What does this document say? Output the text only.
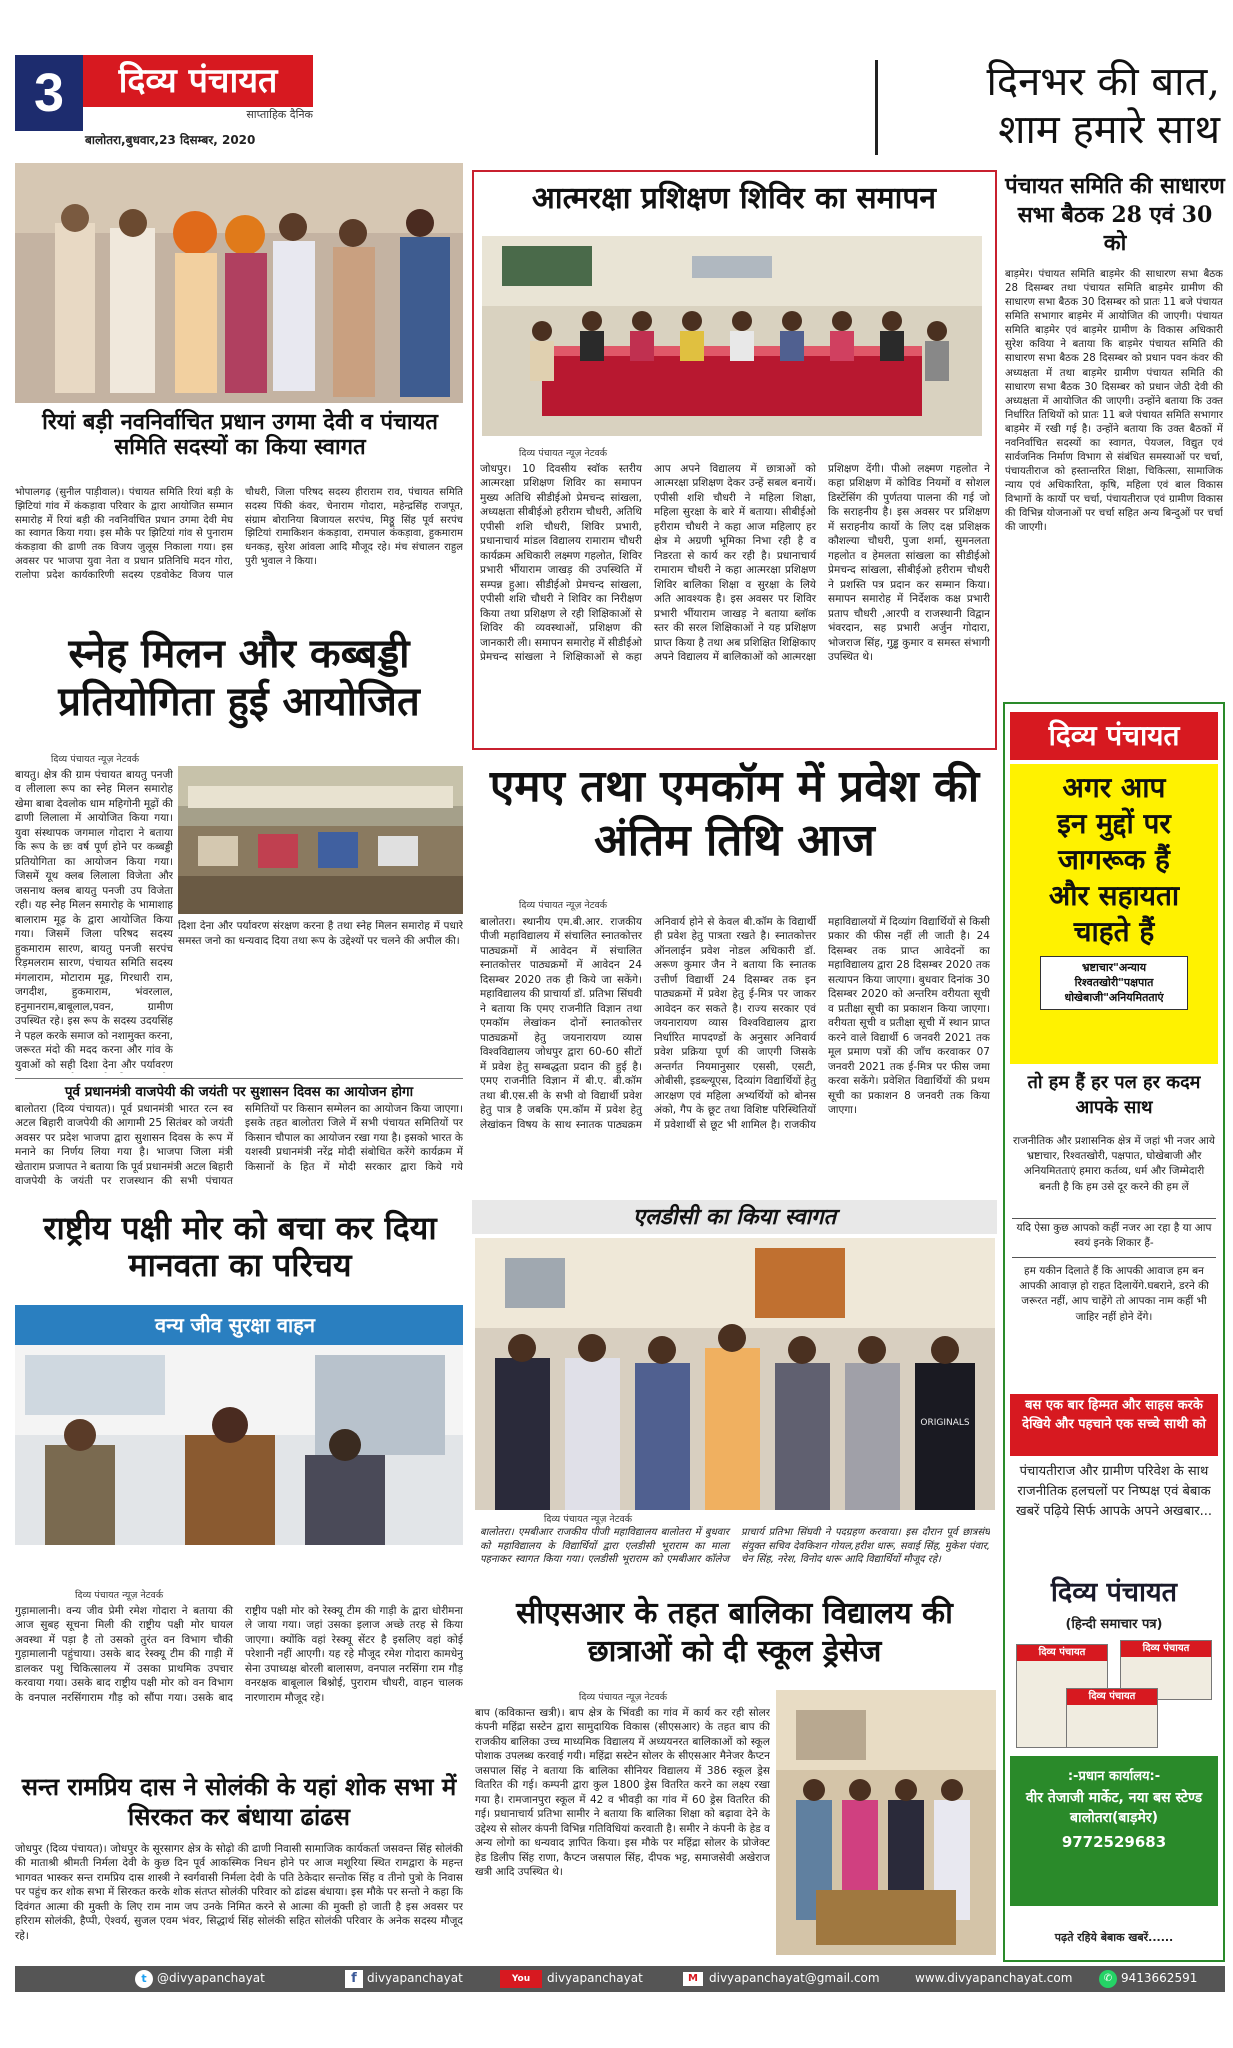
3	दिव्य पंचायत
साप्ताहिक दैनिक
बालोतरा,बुधवार,23 दिसम्बर, 2020
दिनभर की बात,
शाम हमारे साथ
रियां बड़ी नवनिर्वाचित प्रधान उगमा देवी व पंचायत समिति सदस्यों का किया स्वागत
भोपालगढ़ (सुनील पाड़ीवाल)। पंचायत समिति रियां बड़ी के झिटियां गांव में कंकड़ावा परिवार के द्वारा आयोजित सम्मान समारोह में रियां बड़ी की नवनिर्वाचित प्रधान उगमा देवी मेघ का स्वागत किया गया। इस मौके पर झिटियां गांव से पुनाराम कंकड़ावा की ढाणी तक विजय जुलूस निकाला गया। इस अवसर पर भाजपा युवा नेता व प्रधान प्रतिनिधि मदन गोरा, रालोपा प्रदेश कार्यकारिणी सदस्य एडवोकेट विजय पाल चौधरी, जिला परिषद सदस्य हीराराम राव, पंचायत समिति सदस्य पिंकी कंवर, चेनाराम गोदारा, महेन्द्रसिंह राजपूत, संग्राम बोरानिया बिजायल सरपंच, मिठ्ठू सिंह पूर्व सरपंच झिटियां रामाकिशन कंकड़ावा, रामपाल कंकड़ावा, हुकमाराम धनकड़, सुरेश आंवला आदि मौजूद रहे। मंच संचालन राहुल पुरी भुवाल ने किया।
स्नेह मिलन और कब्बड्डी प्रतियोगिता हुई आयोजित
दिव्य पंचायत न्यूज़ नेटवर्क
बायतु। क्षेत्र की ग्राम पंचायत बायतु पनजी व लीलाला रूप का स्नेह मिलन समारोह खेमा बाबा देवलोक धाम महिगोनी मूढ़ों की ढाणी लिलाला में आयोजित किया गया। युवा संस्थापक जगमाल गोदारा ने बताया कि रूप के छः वर्ष पूर्ण होने पर कब्बड्डी प्रतियोगिता का आयोजन किया गया। जिसमें यूथ क्लब लिलाला विजेता और जसनाथ क्लब बायतु पनजी उप विजेता रही। यह स्नेह मिलन समारोह के भामाशाह बालाराम मूढ़ के द्वारा आयोजित किया गया। जिसमें जिला परिषद सदस्य हुकमाराम सारण, बायतु पनजी सरपंच रिड़मलराम सारण, पंचायत समिति सदस्य मंगलाराम, मोटाराम मूढ़, गिरधारी राम, जगदीश, हुकमाराम, भंवरलाल, हनुमानराम,बाबूलाल,पवन, ग्रामीण उपस्थित रहे। इस रूप के सदस्य उदयसिंह ने पहल करके समाज को नशामुक्त करना, जरूरत मंदो की मदद करना और गांव के युवाओं को सही दिशा देना और पर्यावरण
दिशा देना और पर्यावरण संरक्षण करना है तथा स्नेह मिलन समारोह में पधारे समस्त जनो का धन्यवाद दिया तथा रूप के उद्देश्यों पर चलने की अपील की।
पूर्व प्रधानमंत्री वाजपेयी की जयंती पर सुशासन दिवस का आयोजन होगा
बालोतरा (दिव्य पंचायत)। पूर्व प्रधानमंत्री भारत रत्न स्व अटल बिहारी वाजपेयी की आगामी 25 सितंबर को जयंती अवसर पर प्रदेश भाजपा द्वारा सुशासन दिवस के रूप में मनाने का निर्णय लिया गया है। भाजपा जिला मंत्री खेताराम प्रजापत ने बताया कि पूर्व प्रधानमंत्री अटल बिहारी वाजपेयी के जयंती पर राजस्थान की सभी पंचायत समितियों पर किसान सम्मेलन का आयोजन किया जाएगा। इसके तहत बालोतरा जिले में सभी पंचायत समितियों पर किसान चौपाल का आयोजन रखा गया है। इसको भारत के यशस्वी प्रधानमंत्री नरेंद्र मोदी संबोधित करेंगे कार्यक्रम में किसानों के हित में मोदी सरकार द्वारा किये गये
राष्ट्रीय पक्षी मोर को बचा कर दिया मानवता का परिचय
वन्य जीव सुरक्षा वाहन
दिव्य पंचायत न्यूज़ नेटवर्क
गुड़ामालानी। वन्य जीव प्रेमी रमेश गोदारा ने बताया की आज सुबह सूचना मिली की राष्ट्रीय पक्षी मोर घायल अवस्था में पड़ा है तो उसको तुरंत वन विभाग चौकी गुड़ामालानी पहुंचाया। उसके बाद रेस्क्यू टीम की गाड़ी में डालकर पशु चिकित्सालय में उसका प्राथमिक उपचार करवाया गया। उसके बाद राष्ट्रीय पक्षी मोर को वन विभाग के वनपाल नरसिंगाराम गौड़ को सौंपा गया। उसके बाद राष्ट्रीय पक्षी मोर को रेस्क्यू टीम की गाड़ी के द्वारा धोरीमना ले जाया गया। जहां उसका इलाज अच्छे तरह से किया जाएगा। क्योंकि वहां रेस्क्यू सेंटर है इसलिए वहां कोई परेशानी नहीं आएगी। यह रहे मौजूद रमेश गोदारा कामधेनु सेना उपाध्यक्ष बोरली बालासण, वनपाल नरसिंगा राम गौड़ वनरक्षक बाबूलाल बिश्नोई, पुराराम चौधरी, वाहन चालक नारणाराम मौजूद रहे।
सन्त रामप्रिय दास ने सोलंकी के यहां शोक सभा में सिरकत कर बंधाया ढांढस
जोधपुर (दिव्य पंचायत)। जोधपुर के सूरसागर क्षेत्र के सोढ़ो की ढाणी निवासी सामाजिक कार्यकर्ता जसवन्त सिंह सोलंकी की माताश्री श्रीमती निर्मला देवी के कुछ दिन पूर्व आकस्मिक निधन होने पर आज मशूरिया स्थित रामद्वारा के महन्त भागवत भास्कर सन्त रामप्रिय दास शास्त्री ने स्वर्गवासी निर्मला देवी के पति ठेकेदार सन्तोक सिंह व तीनो पुत्रो के निवास पर पहुंच कर शोक सभा में सिरकत करके शोक संतप्त सोलंकी परिवार को ढांढस बंधाया। इस मौके पर सन्तो ने कहा कि दिवंगत आत्मा की मुक्ती के लिए राम नाम जप उनके निमित करने से आत्मा की मुक्ती हो जाती है इस अवसर पर हरिराम सोलंकी, हैप्पी, ऐश्वर्य, सुजल एवम भंवर, सिद्धार्थ सिंह सोलंकी सहित सोलंकी परिवार के अनेक सदस्य मौजूद रहे।
आत्मरक्षा प्रशिक्षण शिविर का समापन
दिव्य पंचायत न्यूज़ नेटवर्क
जोधपुर। 10 दिवसीय स्वॉक स्तरीय आत्मरक्षा प्रशिक्षण शिविर का समापन मुख्य अतिथि सीडीईओ प्रेमचन्द सांखला, अध्यक्षता सीबीईओ हरीराम चौधरी, अतिथि एपीसी शशि चौधरी, शिविर प्रभारी, प्रधानाचार्य मांडल विद्यालय रामाराम चौधरी कार्यक्रम अधिकारी लक्ष्मण गहलोत, शिविर प्रभारी भींयाराम जाखड़ की उपस्थिति में सम्पन्न हुआ। सीडीईओ प्रेमचन्द सांखला, एपीसी शशि चौधरी ने शिविर का निरीक्षण किया तथा प्रशिक्षण ले रही शिक्षिकाओं से शिविर की व्यवस्थाओं, प्रशिक्षण की जानकारी ली। समापन समारोह में सीडीईओ प्रेमचन्द सांखला ने शिक्षिकाओं से कहा आप अपने विद्यालय में छात्राओं को आत्मरक्षा प्रशिक्षण देकर उन्हें सबल बनायें। एपीसी शशि चौधरी ने महिला शिक्षा, महिला सुरक्षा के बारे में बताया। सीबीईओ हरीराम चौधरी ने कहा आज महिलाए हर क्षेत्र मे अग्रणी भूमिका निभा रही है व निडरता से कार्य कर रही है। प्रधानाचार्य रामाराम चौधरी ने कहा आत्मरक्षा प्रशिक्षण शिविर बालिका शिक्षा व सुरक्षा के लिये अति आवश्यक है। इस अवसर पर शिविर प्रभारी भींयाराम जाखड़ ने बताया ब्लॉक स्तर की सरल शिक्षिकाओं ने यह प्रशिक्षण प्राप्त किया है तथा अब प्रशिक्षित शिक्षिकाए अपने विद्यालय में बालिकाओं को आत्मरक्षा प्रशिक्षण देंगी। पीओ लक्ष्मण गहलोत ने कहा प्रशिक्षण में कोविड नियमों व सोशल डिस्टेंसिंग की पुर्णतया पालना की गई जो कि सराहनीय है। इस अवसर पर प्रशिक्षण में सराहनीय कार्यो के लिए दक्ष प्रशिक्षक कौशल्या चौधरी, पुजा शर्मा, सुमनलता गहलोत व हेमलता सांखला का सीडीईओ प्रेमचन्द सांखला, सीबीईओ हरीराम चौधरी ने प्रशस्ति पत्र प्रदान कर सम्मान किया। समापन समारोह में निर्देशक कक्ष प्रभारी प्रताप चौधरी ,आरपी व राजस्थानी विद्वान भंवरदान, सह प्रभारी अर्जुन गोदारा, भोजराज सिंह, गुड्ढ कुमार व समस्त संभागी उपस्थित थे।
एमए तथा एमकॉम में प्रवेश की अंतिम तिथि आज
दिव्य पंचायत न्यूज़ नेटवर्क
बालोतरा। स्थानीय एम.बी.आर. राजकीय पीजी महाविद्यालय में संचालित स्नातकोत्तर पाठ्यक्रमों में आवेदन में संचालित स्नातकोत्तर पाठ्यक्रमों में आवेदन 24 दिसम्बर 2020 तक ही किये जा सकेंगे। महाविद्यालय की प्राचार्या डॉ. प्रतिभा सिंघवी ने बताया कि एमए राजनीति विज्ञान तथा एमकॉम लेखांकन दोनों स्नातकोत्तर पाठ्यक्रमों हेतु जयनारायण व्यास विश्वविद्यालय जोधपुर द्वारा 60-60 सीटों में प्रवेश हेतु सम्बद्धता प्रदान की हुई है। एमए राजनीति विज्ञान में बी.ए. बी.कॉम तथा बी.एस.सी के सभी वो विद्यार्थी प्रवेश हेतु पात्र है जबकि एम.कॉम में प्रवेश हेतु लेखांकन विषय के साथ स्नातक पाठ्यक्रम अनिवार्य होने से केवल बी.कॉम के विद्यार्थी ही प्रवेश हेतु पात्रता रखते है। स्नातकोत्तर ऑनलाईन प्रवेश नोडल अधिकारी डॉ. अरूण कुमार जैन ने बताया कि स्नातक उत्तीर्ण विद्यार्थी 24 दिसम्बर तक इन पाठ्यक्रमों में प्रवेश हेतु ई-मित्र पर जाकर आवेदन कर सकते है। राज्य सरकार एवं जयनारायण व्यास विश्वविद्यालय द्वारा निर्धारित मापदण्डों के अनुसार अनिवार्य प्रवेश प्रक्रिया पूर्ण की जाएगी जिसके अन्तर्गत नियमानुसार एससी, एसटी, ओबीसी, इडब्ल्यूएस, दिव्यांग विद्यार्थियों हेतु आरक्षण एवं महिला अभ्यर्थियों को बोनस अंको, गैप के छूट तथा विशिष्ट परिस्थितियों में प्रवेशार्थी से छूट भी शामिल है। राजकीय महाविद्यालयों में दिव्यांग विद्यार्थियों से किसी प्रकार की फीस नहीं ली जाती है। 24 दिसम्बर तक प्राप्त आवेदनों का महाविद्यालय द्वारा 28 दिसम्बर 2020 तक सत्यापन किया जाएगा। बुधवार दिनांक 30 दिसम्बर 2020 को अन्तरिम वरीयता सूची व प्रतीक्षा सूची का प्रकाशन किया जाएगा। वरीयता सूची व प्रतीक्षा सूची में स्थान प्राप्त करने वाले विद्यार्थी 6 जनवरी 2021 तक मूल प्रमाण पत्रों की जाँच करवाकर 07 जनवरी 2021 तक ई-मित्र पर फीस जमा करवा सकेंगे। प्रवेशित विद्यार्थियों की प्रथम सूची का प्रकाशन 8 जनवरी तक किया जाएगा।
एलडीसी का किया स्वागत
ORIGINALS
दिव्य पंचायत न्यूज़ नेटवर्क
बालोतरा। एमबीआर राजकीय पीजी महाविद्यालय बालोतरा में बुधवार को महाविद्यालय के विद्यार्थियों द्वारा एलडीसी भूराराम का माला पहनाकर स्वागत किया गया। एलडीसी भूराराम को एमबीआर कॉलेज प्राचार्य प्रतिभा सिंघवी ने पदग्रहण करवाया। इस दौरान पूर्व छात्रसंघ संयुक्त सचिव देवकिशन गोयल,हरीश धारू, सवाई सिंह, मुकेश पंवार, चेन सिंह, नरेश, विनोद धारू आदि विद्यार्थियों मौजूद रहे।
सीएसआर के तहत बालिका विद्यालय की छात्राओं को दी स्कूल ड्रेसेज
दिव्य पंचायत न्यूज़ नेटवर्क
बाप (कविकान्त खत्री)। बाप क्षेत्र के भिंवडी का गांव में कार्य कर रही सोलर कंपनी महिंद्रा सस्टेन द्वारा सामुदायिक विकास (सीएसआर) के तहत बाप की राजकीय बालिका उच्च माध्यमिक विद्यालय में अध्ययनरत बालिकाओं को स्कूल पोशाक उपलब्ध करवाई गयी। महिंद्रा सस्टेन सोलर के सीएसआर मैनेजर कैप्टन जसपाल सिंह ने बताया कि बालिका सीनियर विद्यालय में 386 स्कूल ड्रेस वितरित की गई। कम्पनी द्वारा कुल 1800 ड्रेस वितरित करने का लक्ष्य रखा गया है। रामजानपुरा स्कूल में 42 व भीवड़ी का गांव में 60 ड्रेस वितरित की गई। प्रधानाचार्य प्रतिभा सामीर ने बताया कि बालिका शिक्षा को बढ़ावा देने के उद्देश्य से सोलर कंपनी विभिन्न गतिविधियां करवाती है। समीर ने कंपनी के हेड व अन्य लोगो का धन्यवाद ज्ञापित किया। इस मौके पर महिंद्रा सोलर के प्रोजेक्ट हेड डिलीप सिंह राणा, कैप्टन जसपाल सिंह, दीपक भट्ट, समाजसेवी अखेराज खत्री आदि उपस्थित थे।
पंचायत समिति की साधारण सभा बैठक 28 एवं 30 को
बाड़मेर। पंचायत समिति बाड़मेर की साधारण सभा बैठक 28 दिसम्बर तथा पंचायत समिति बाड़मेर ग्रामीण की साधारण सभा बैठक 30 दिसम्बर को प्रातः 11 बजे पंचायत समिति सभागार बाड़मेर में आयोजित की जाएगी। पंचायत समिति बाड़मेर एवं बाड़मेर ग्रामीण के विकास अधिकारी सुरेश कविया ने बताया कि बाड़मेर पंचायत समिति की साधारण सभा बैठक 28 दिसम्बर को प्रधान पवन कंवर की अध्यक्षता में तथा बाड़मेर ग्रामीण पंचायत समिति की साधारण सभा बैठक 30 दिसम्बर को प्रधान जेठी देवी की अध्यक्षता में आयोजित की जाएगी। उन्होंने बताया कि उक्त निर्धारित तिथियों को प्रातः 11 बजे पंचायत समिति सभागार बाड़मेर में रखी गई है। उन्होंने बताया कि उक्त बैठकों में नवनिर्वाचित सदस्यों का स्वागत, पेयजल, विद्युत एवं सार्वजनिक निर्माण विभाग से संबंधित समस्याओं पर चर्चा, पंचायतीराज को हस्तान्तरित शिक्षा, चिकित्सा, सामाजिक न्याय एवं अधिकारिता, कृषि, महिला एवं बाल विकास विभागों के कार्यो पर चर्चा, पंचायतीराज एवं ग्रामीण विकास की विभिन्न योजनाओं पर चर्चा सहित अन्य बिन्दुओं पर चर्चा की जाएगी।
दिव्य पंचायत
अगर आप
इन मुद्दों पर
जागरूक हैं
और सहायता
चाहते हैं
भ्रष्टाचार"अन्याय रिश्वतखोरी"पक्षपात धोखेबाजी"अनियमितताएं
तो हम हैं हर पल हर कदम आपके साथ
राजनीतिक और प्रशासनिक क्षेत्र में जहां भी नजर आये भ्रष्टाचार, रिश्वतखोरी, पक्षपात, घोखेबाजी और अनियमितताएं हमारा कर्तव्य, धर्म और जिम्मेदारी बनती है कि हम उसे दूर करने की हम लें
यदि ऐसा कुछ आपको कहीं नजर आ रहा है या आप स्वयं इनके शिकार हैं-
हम यकीन दिलाते हैं कि आपकी आवाज हम बन आपकी आवाज़ हो राहत दिलायेंगे.घबराने, डरने की जरूरत नहीं, आप चाहेंगे तो आपका नाम कहीं भी जाहिर नहीं होने देंगे।
बस एक बार हिम्मत और साहस करके देखिये और पहचाने एक सच्चे साथी को
पंचायतीराज और ग्रामीण परिवेश के साथ राजनीतिक हलचलों पर निष्पक्ष एवं बेबाक खबरें पढ़िये सिर्फ आपके अपने अखबार...
दिव्य पंचायत
(हिन्दी समाचार पत्र)
दिव्य पंचायत	दिव्य पंचायत
दिव्य पंचायत
:-प्रधान कार्यालय:-
वीर तेजाजी मार्केट, नया बस स्टेण्ड बालोतरा(बाड़मेर)
9772529683
पढ़ते रहिये बेबाक खबरें......
t @divyapanchayat	f divyapanchayat	You Tube
divyapanchayat	M divyapanchayat@gmail.com	www.divyapanchayat.com	✆ 9413662591
